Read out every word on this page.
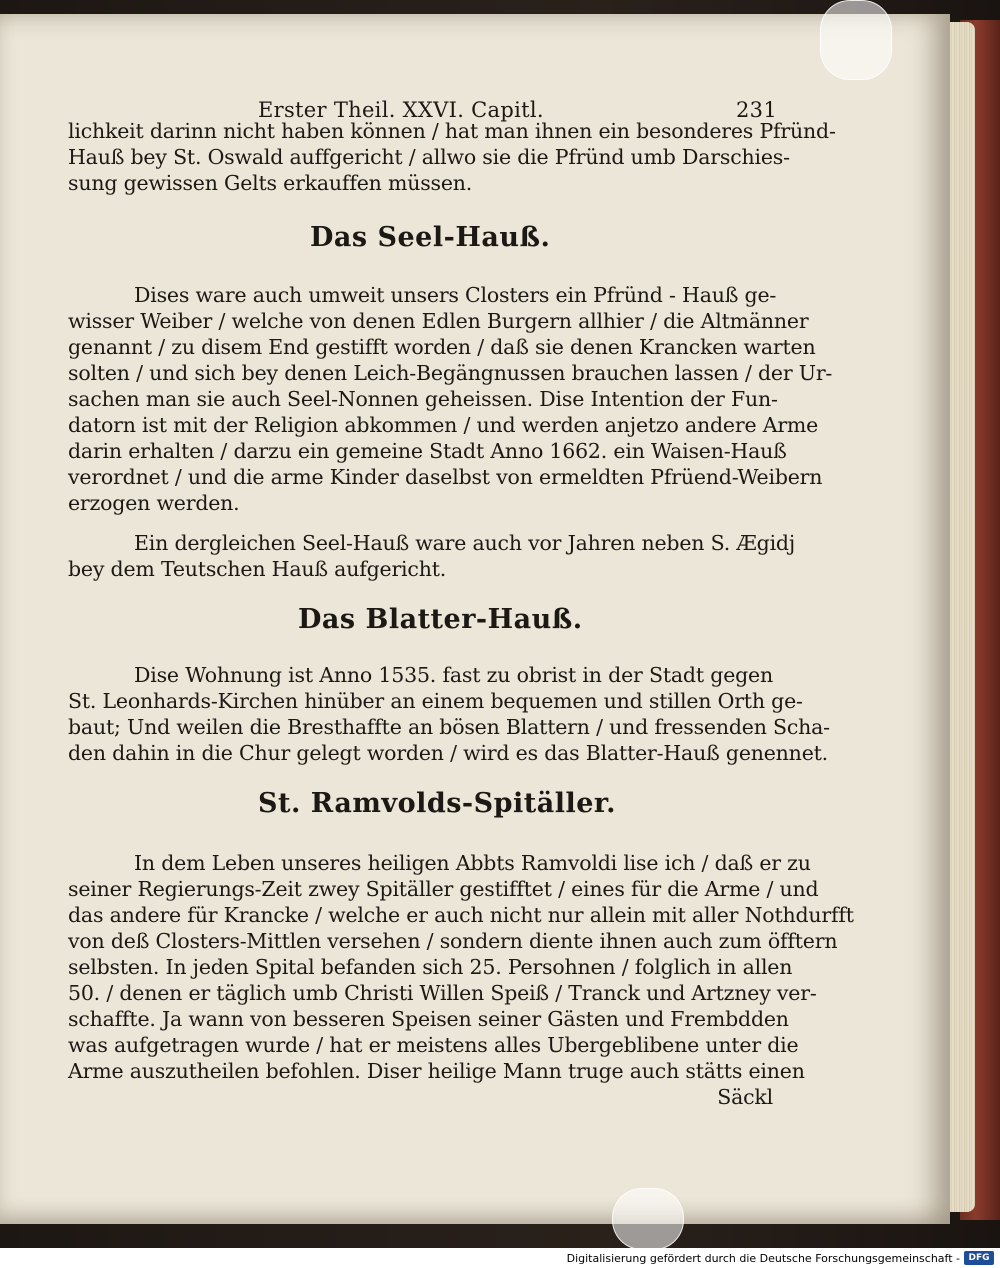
Erster Theil. XXVI. Capitl.	231
lichkeit darinn nicht haben können / hat man ihnen ein besonderes Pfründ-
Hauß bey St. Oswald auffgericht / allwo sie die Pfründ umb Darschies-
sung gewissen Gelts erkauffen müssen.
Das Seel-Hauß.
Dises ware auch umweit unsers Closters ein Pfründ - Hauß ge-
wisser Weiber / welche von denen Edlen Burgern allhier / die Altmänner
genannt / zu disem End gestifft worden / daß sie denen Krancken warten
solten / und sich bey denen Leich-Begängnussen brauchen lassen / der Ur-
sachen man sie auch Seel-Nonnen geheissen. Dise Intention der Fun-
datorn ist mit der Religion abkommen / und werden anjetzo andere Arme
darin erhalten / darzu ein gemeine Stadt Anno 1662. ein Waisen-Hauß
verordnet / und die arme Kinder daselbst von ermeldten Pfrüend-Weibern
erzogen werden.
Ein dergleichen Seel-Hauß ware auch vor Jahren neben S. Ægidj
bey dem Teutschen Hauß aufgericht.
Das Blatter-Hauß.
Dise Wohnung ist Anno 1535. fast zu obrist in der Stadt gegen
St. Leonhards-Kirchen hinüber an einem bequemen und stillen Orth ge-
baut; Und weilen die Bresthaffte an bösen Blattern / und fressenden Scha-
den dahin in die Chur gelegt worden / wird es das Blatter-Hauß genennet.
St. Ramvolds-Spitäller.
In dem Leben unseres heiligen Abbts Ramvoldi lise ich / daß er zu
seiner Regierungs-Zeit zwey Spitäller gestifftet / eines für die Arme / und
das andere für Krancke / welche er auch nicht nur allein mit aller Nothdurfft
von deß Closters-Mittlen versehen / sondern diente ihnen auch zum öfftern
selbsten. In jeden Spital befanden sich 25. Persohnen / folglich in allen
50. / denen er täglich umb Christi Willen Speiß / Tranck und Artzney ver-
schaffte. Ja wann von besseren Speisen seiner Gästen und Frembdden
was aufgetragen wurde / hat er meistens alles Ubergeblibene unter die
Arme auszutheilen befohlen. Diser heilige Mann truge auch stätts einen
Säckl
Digitalisierung gefördert durch die Deutsche Forschungsgemeinschaft - DFG
